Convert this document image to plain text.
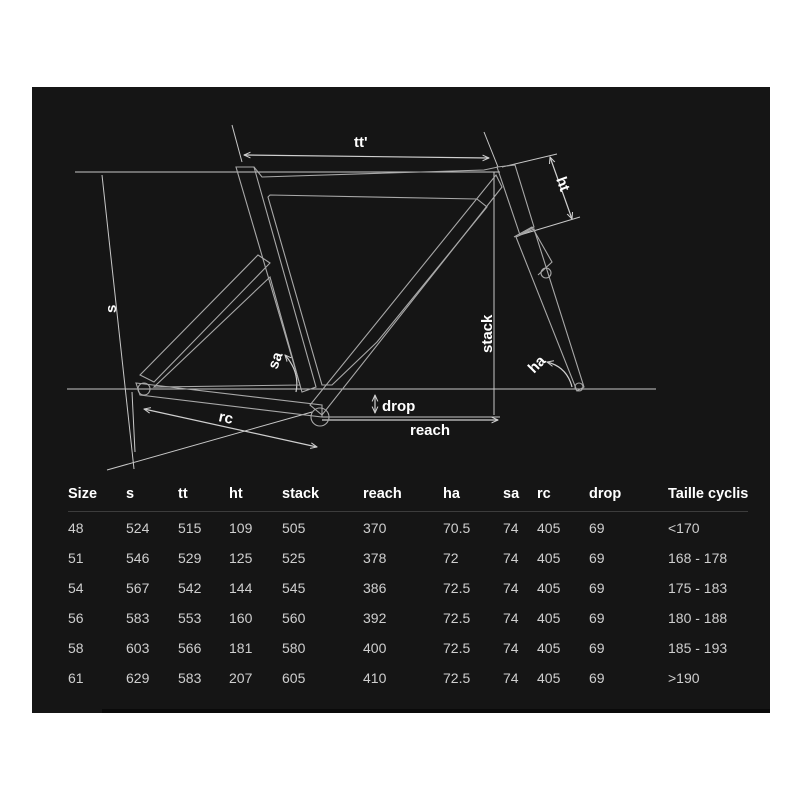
tt'
ht
s
stack
sa	ha
drop
reach
rc
Size	s	tt	ht	stack	reach	ha	sa	rc	drop	Taille cyclis
48	524	515	109	505	370	70.5	74	405	69	<170
51	546	529	125	525	378	72	74	405	69	168 - 178
54	567	542	144	545	386	72.5	74	405	69	175 - 183
56	583	553	160	560	392	72.5	74	405	69	180 - 188
58	603	566	181	580	400	72.5	74	405	69	185 - 193
61	629	583	207	605	410	72.5	74	405	69	>190
